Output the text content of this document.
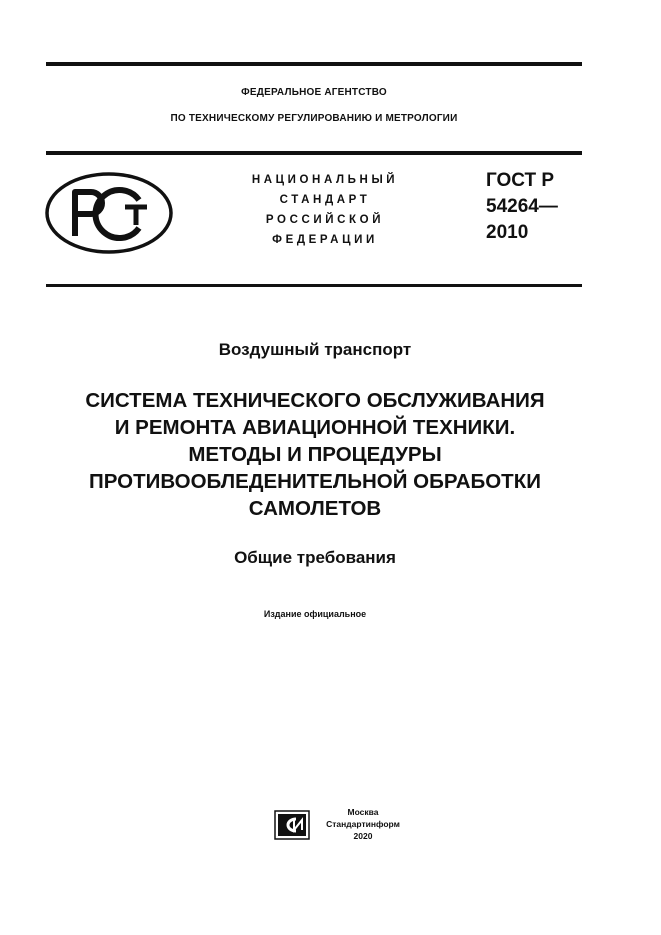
ФЕДЕРАЛЬНОЕ АГЕНТСТВО
ПО ТЕХНИЧЕСКОМУ РЕГУЛИРОВАНИЮ И МЕТРОЛОГИИ
НАЦИОНАЛЬНЫЙ
СТАНДАРТ
РОССИЙСКОЙ
ФЕДЕРАЦИИ
ГОСТ Р
54264—
2010
Воздушный транспорт
СИСТЕМА ТЕХНИЧЕСКОГО ОБСЛУЖИВАНИЯ
И РЕМОНТА АВИАЦИОННОЙ ТЕХНИКИ.
МЕТОДЫ И ПРОЦЕДУРЫ
ПРОТИВООБЛЕДЕНИТЕЛЬНОЙ ОБРАБОТКИ
САМОЛЕТОВ
Общие требования
Издание официальное
Москва
Стандартинформ
2020
